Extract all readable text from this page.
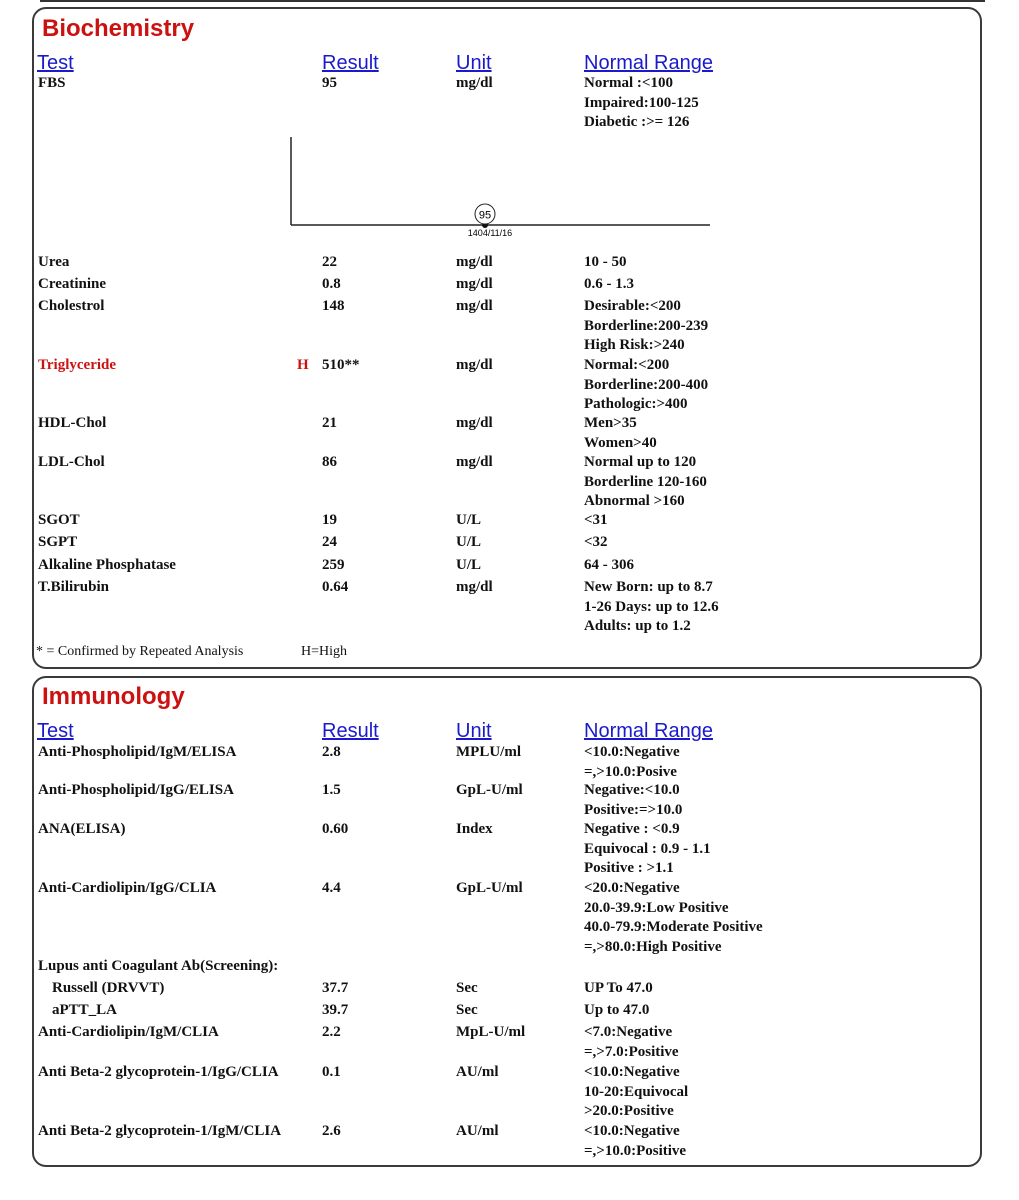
Biochemistry
Test	Result	Unit	Normal Range
FBS	95	mg/dl	Normal :<100
Impaired:100-125
Diabetic :>= 126
95
1404/11/16
Urea	22	mg/dl	10 - 50
Creatinine	0.8	mg/dl	0.6 - 1.3
Cholestrol	148	mg/dl	Desirable:<200
Borderline:200-239
High Risk:>240
Triglyceride	H 510**	mg/dl	Normal:<200
Borderline:200-400
Pathologic:>400
HDL-Chol	21	mg/dl	Men>35
Women>40
LDL-Chol	86	mg/dl	Normal up to 120
Borderline 120-160
Abnormal >160
SGOT	19	U/L	<31
SGPT	24	U/L	<32
Alkaline Phosphatase	259	U/L	64 - 306
T.Bilirubin	0.64	mg/dl	New Born: up to 8.7
1-26 Days: up to 12.6
Adults: up to 1.2
* = Confirmed by Repeated Analysis	H=High
Immunology
Test	Result	Unit	Normal Range
Anti-Phospholipid/IgM/ELISA	2.8	MPLU/ml	<10.0:Negative
=,>10.0:Posive
Anti-Phospholipid/IgG/ELISA	1.5	GpL-U/ml	Negative:<10.0
Positive:=>10.0
ANA(ELISA)	0.60	Index	Negative : <0.9
Equivocal : 0.9 - 1.1
Positive : >1.1
Anti-Cardiolipin/IgG/CLIA	4.4	GpL-U/ml	<20.0:Negative
20.0-39.9:Low Positive
40.0-79.9:Moderate Positive
=,>80.0:High Positive
Lupus anti Coagulant Ab(Screening):
Russell (DRVVT)	37.7	Sec	UP To 47.0
aPTT_LA	39.7	Sec	Up to 47.0
Anti-Cardiolipin/IgM/CLIA	2.2	MpL-U/ml	<7.0:Negative
=,>7.0:Positive
Anti Beta-2 glycoprotein-1/IgG/CLIA	0.1	AU/ml	<10.0:Negative
10-20:Equivocal
>20.0:Positive
Anti Beta-2 glycoprotein-1/IgM/CLIA	2.6	AU/ml	<10.0:Negative
=,>10.0:Positive
